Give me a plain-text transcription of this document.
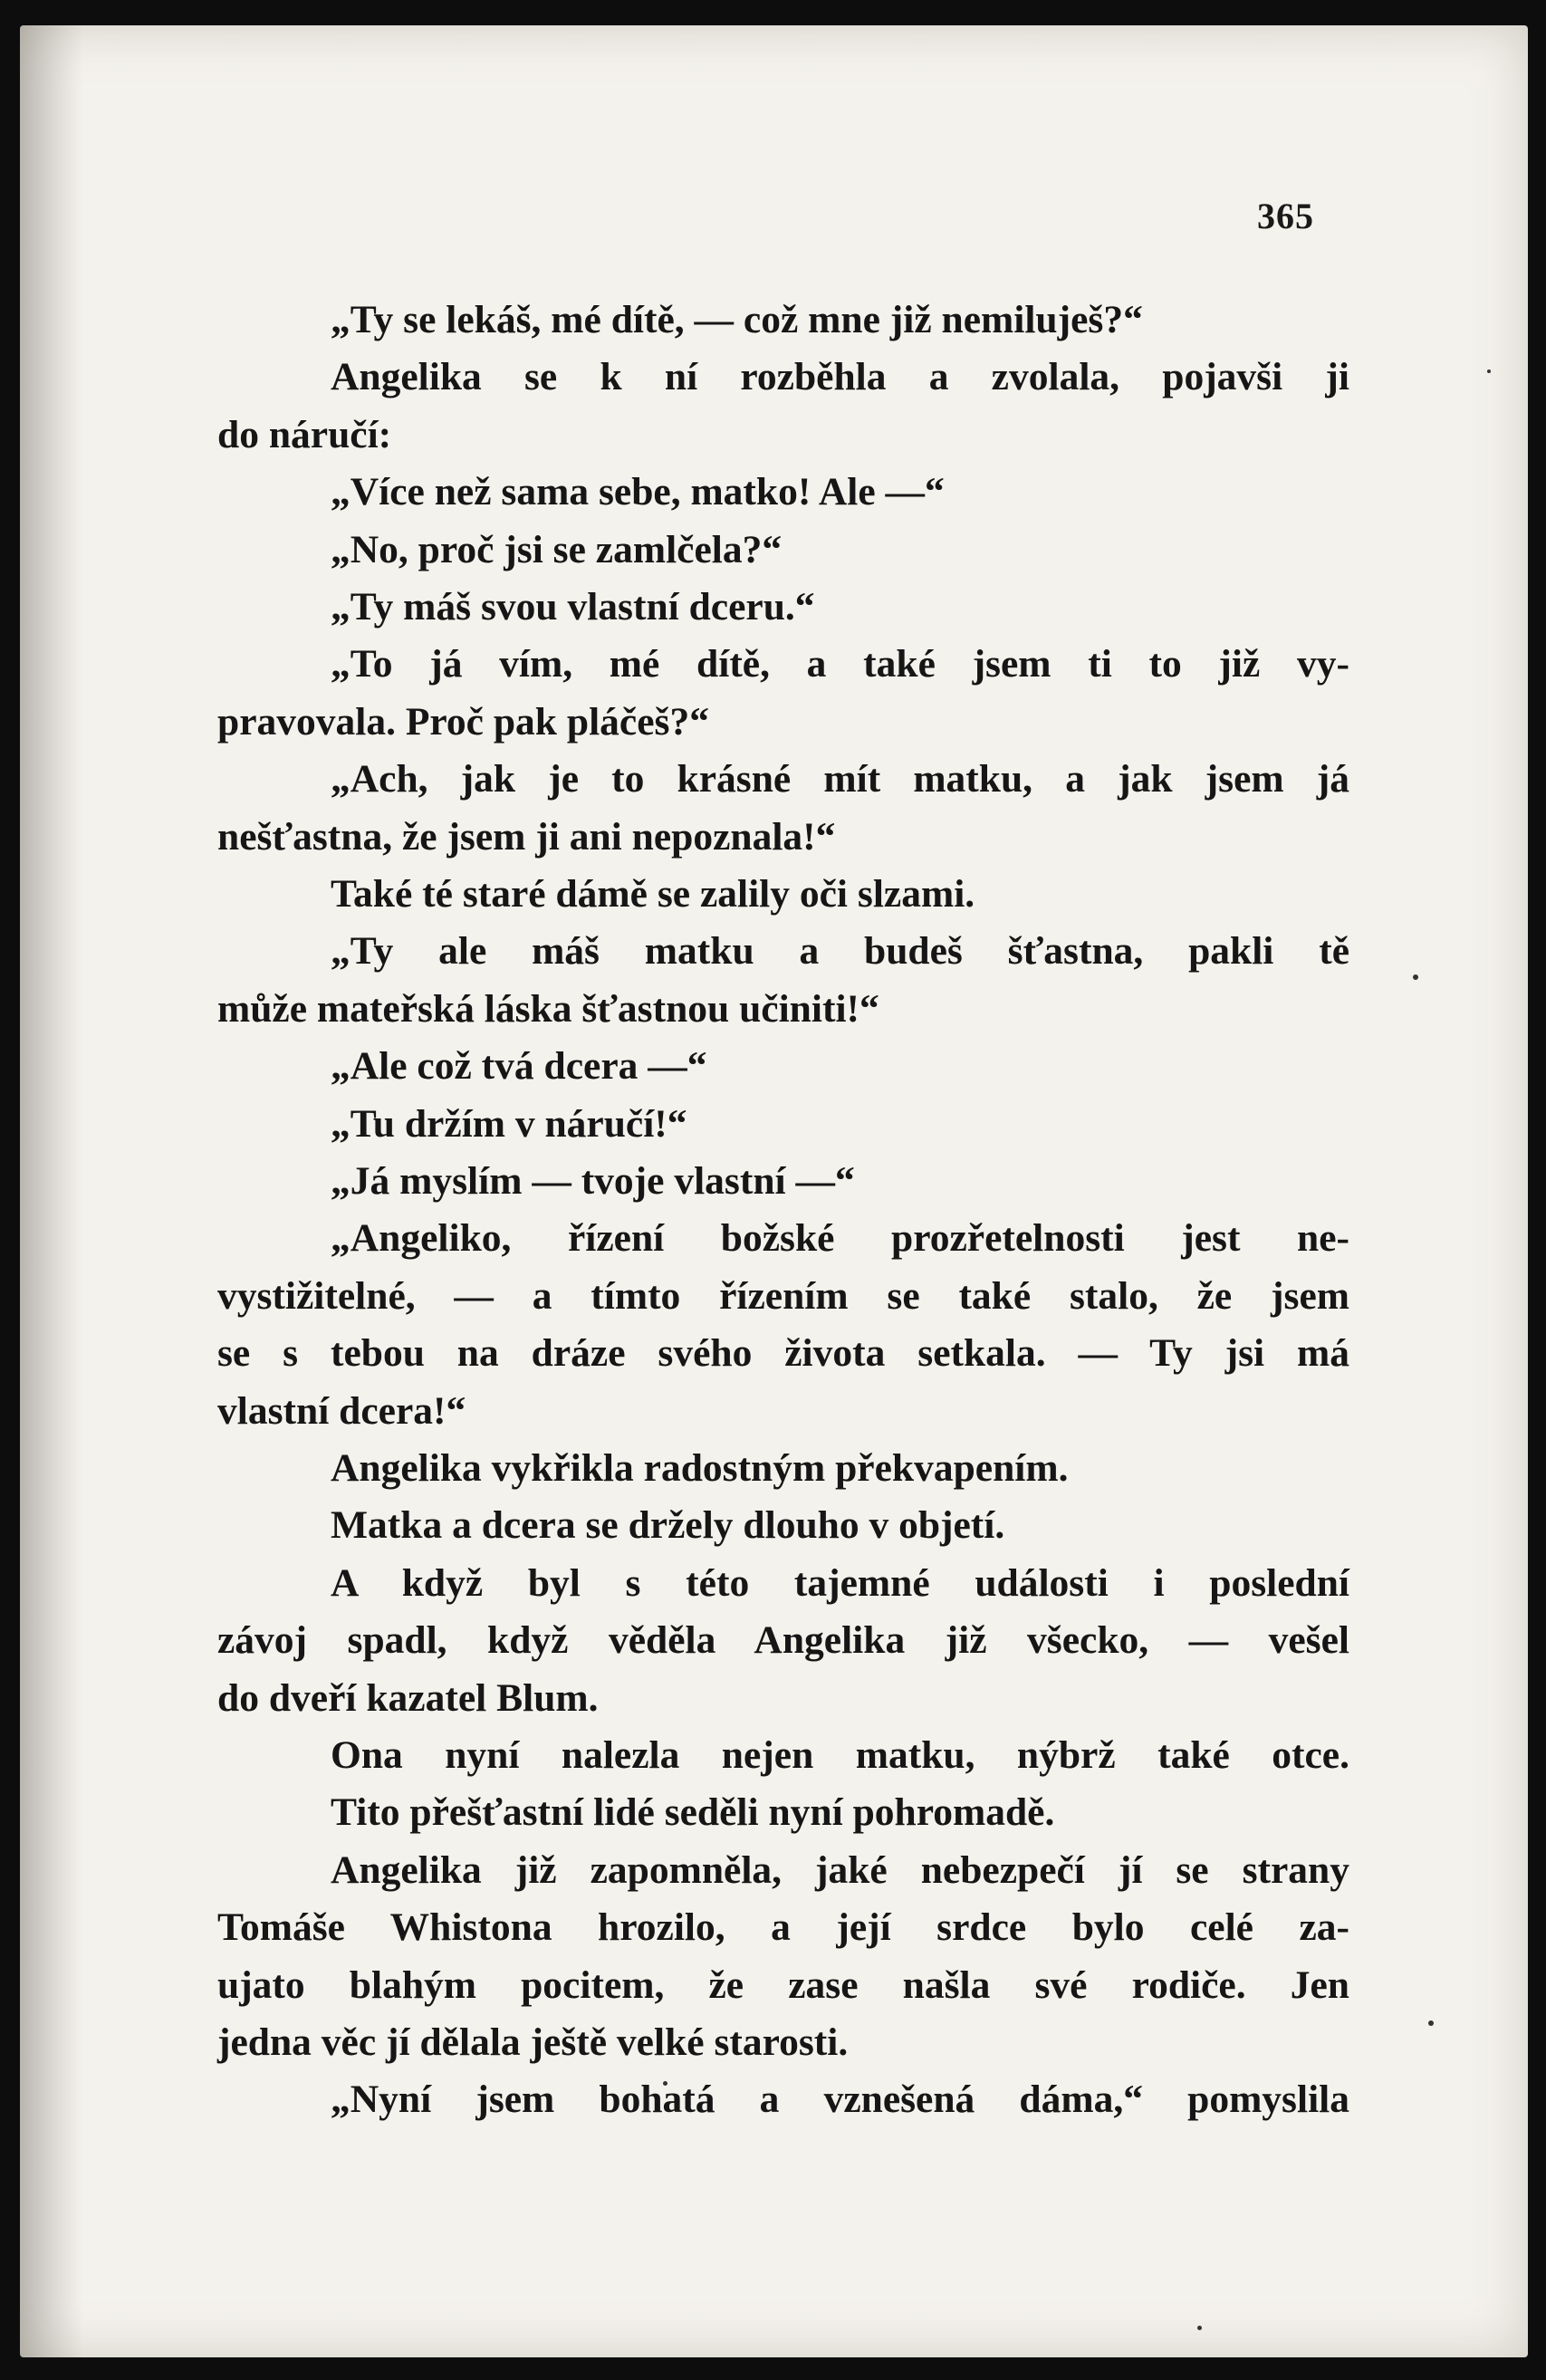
365
„Ty se lekáš, mé dítě, — což mne již nemiluješ?“
Angelika se k ní rozběhla a zvolala, pojavši ji
do náručí:
„Více než sama sebe, matko! Ale —“
„No, proč jsi se zamlčela?“
„Ty máš svou vlastní dceru.“
„To já vím, mé dítě, a také jsem ti to již vy-
pravovala. Proč pak pláčeš?“
„Ach, jak je to krásné mít matku, a jak jsem já
nešťastna, že jsem ji ani nepoznala!“
Také té staré dámě se zalily oči slzami.
„Ty ale máš matku a budeš šťastna, pakli tě
může mateřská láska šťastnou učiniti!“
„Ale což tvá dcera —“
„Tu držím v náručí!“
„Já myslím — tvoje vlastní —“
„Angeliko, řízení božské prozřetelnosti jest ne-
vystižitelné, — a tímto řízením se také stalo, že jsem
se s tebou na dráze svého života setkala. — Ty jsi má
vlastní dcera!“
Angelika vykřikla radostným překvapením.
Matka a dcera se držely dlouho v objetí.
A když byl s této tajemné události i poslední
závoj spadl, když věděla Angelika již všecko, — vešel
do dveří kazatel Blum.
Ona nyní nalezla nejen matku, nýbrž také otce.
Tito přešťastní lidé seděli nyní pohromadě.
Angelika již zapomněla, jaké nebezpečí jí se strany
Tomáše Whistona hrozilo, a její srdce bylo celé za-
ujato blahým pocitem, že zase našla své rodiče. Jen
jedna věc jí dělala ještě velké starosti.
„Nyní jsem bohatá a vznešená dáma,“ pomyslila
